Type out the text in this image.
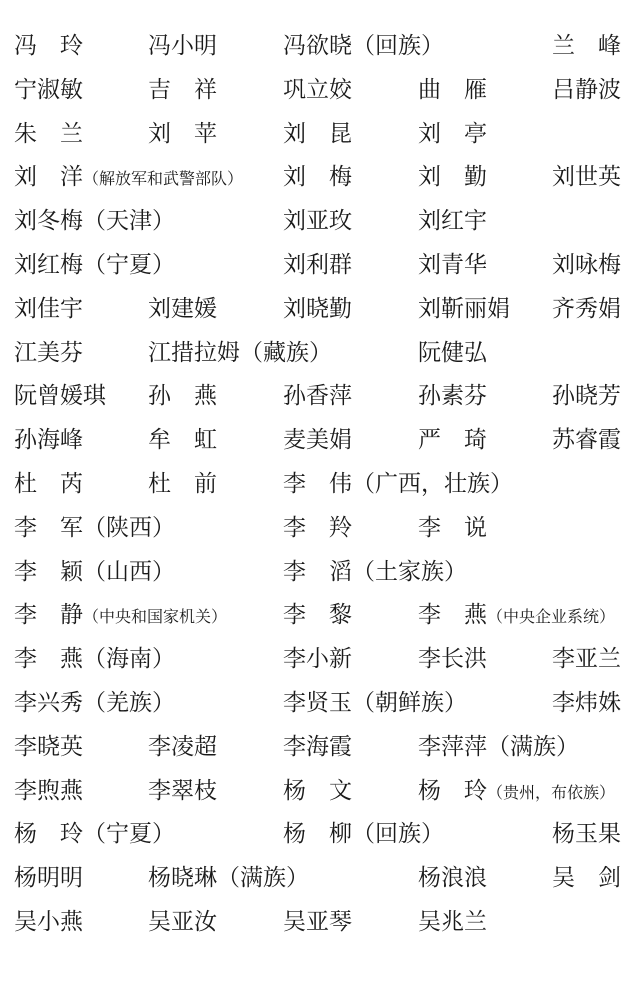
冯　玲	冯小明	冯欲晓（回族）	兰　峰
宁淑敏	吉　祥	巩立姣	曲　雁	吕静波
朱　兰	刘　苹	刘　昆	刘　亭
刘　洋（解放军和武警部队） 刘　梅	刘　勤	刘世英
刘冬梅（天津）	刘亚玫	刘红宇
刘红梅（宁夏）	刘利群	刘青华	刘咏梅
刘佳宇	刘建媛	刘晓勤	刘靳丽娟 齐秀娟
江美芬	江措拉姆（藏族）	阮健弘
阮曾媛琪 孙　燕	孙香萍	孙素芬	孙晓芳
孙海峰	牟　虹	麦美娟	严　琦	苏睿霞
杜　芮	杜　前	李　伟（广西，壮族）
李　军（陕西）	李　羚	李　说
李　颖（山西）	李　滔（土家族）
李　静（中央和国家机关） 李　黎	李　燕（中央企业系统）
李　燕（海南）	李小新	李长洪	李亚兰
李兴秀（羌族）	李贤玉（朝鲜族）	李炜姝
李晓英	李凌超	李海霞	李萍萍（满族）
李煦燕	李翠枝	杨　文	杨　玲（贵州，布依族）
杨　玲（宁夏）	杨　柳（回族）	杨玉果
杨明明	杨晓琳（满族）	杨浪浪	吴　剑
吴小燕	吴亚汝	吴亚琴	吴兆兰
